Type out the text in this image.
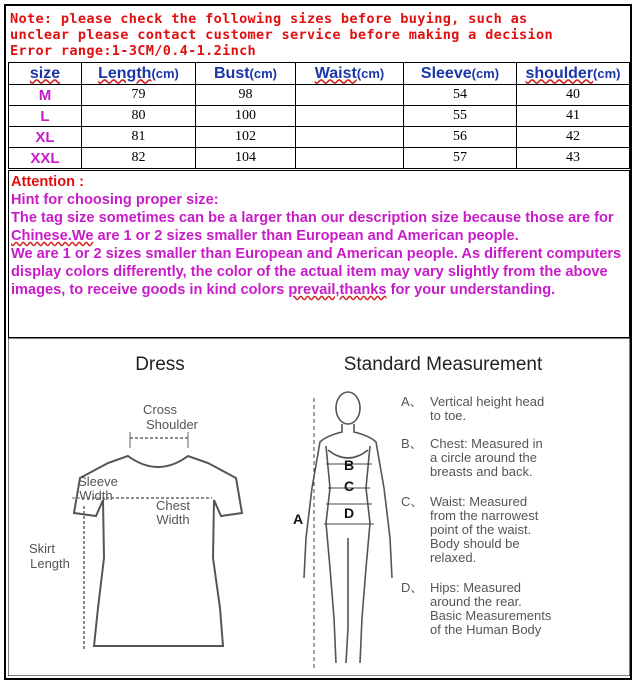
Note: please check the following sizes before buying, such as
unclear please contact customer service before making a decision
Error range:1-3CM/0.4-1.2inch
size	Length(cm)	Bust(cm)	Waist(cm)	Sleeve(cm)	shoulder(cm)
M	79	98		54	40
L	80	100		55	41
XL	81	102		56	42
XXL	82	104		57	43
Attention :
Hint for choosing proper size:
The tag size sometimes can be a larger than our description size because those are for Chinese.We are 1 or 2 sizes smaller than European and American people.
We are 1 or 2 sizes smaller than European and American people. As different computers display colors differently, the color of the actual item may vary slightly from the above images, to receive goods in kind colors prevail,thanks for your understanding.
Dress
Cross
Shoulder
Sleeve
Width
Chest
Width
Skirt
Length
Standard Measurement
A
B
C
D
A、 Vertical height head
to toe.
B、 Chest: Measured in
a circle around the
breasts and back.
C、 Waist: Measured
from the narrowest
point of the waist.
Body should be
relaxed.
D、 Hips: Measured
around the rear.
Basic Measurements
of the Human Body
